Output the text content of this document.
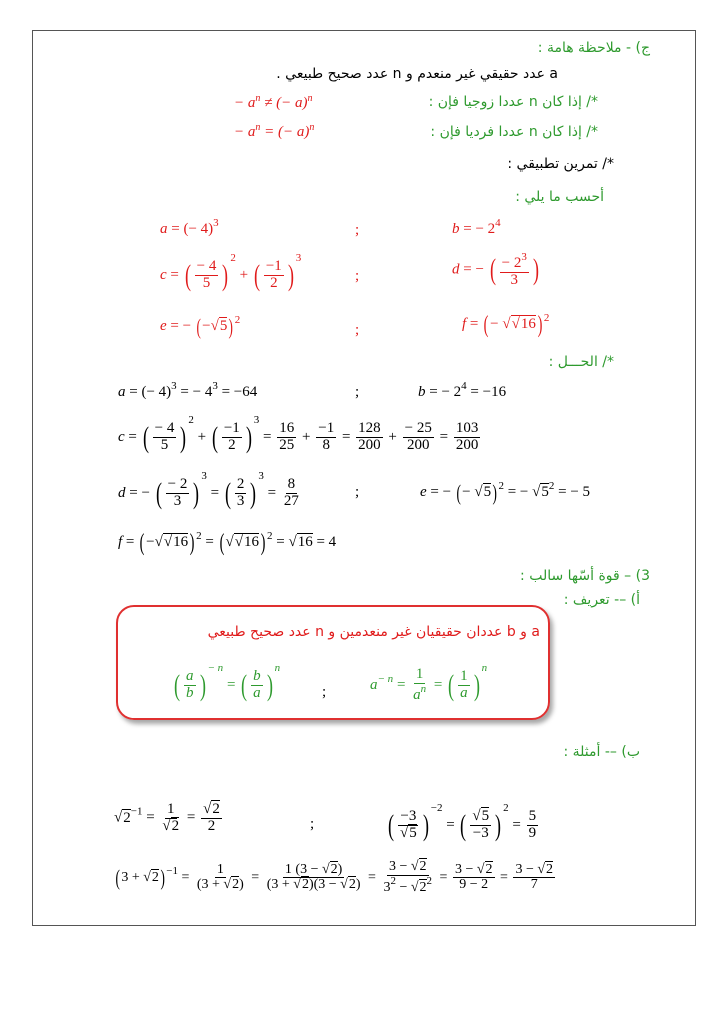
ج) - ملاحظة هامة :
a عدد حقيقي غير منعدم و n عدد صحيح طبيعي .
*/ إذا كان n عددا زوجيا فإن :
− $a^n$ ≠ (− a)$^n$
*/ إذا كان n عددا فرديا فإن :
− $a^n$ = (− a)$^n$
*/ تمرين تطبيقي :
أحسب ما يلي :
a = (− 4)$^3$	;	b = − $2^4$
c = ( $\frac{- 4}{5} )^2$ + ( $\frac{-1}{2} )^3$
;	d = − ( $\frac{- 2^3}{3}$ )
e = − $(-√5)^2$
;	f = ( − √√16) $^2$
*/ الحـــل :
a = (− 4)$^3$ = − $4^3 = -64$	;	b = − $2^4 = -16$
c = ( $\frac{- 4}{5} )^2$ + ( $\frac{-1}{2} )^3 = \frac{16}{25} + \frac{-1}{8} = \frac{128}{200} + \frac{- 25}{200} = \frac{103}{200}$
d = − ( $\frac{- 2}{3} )^3$ = ( $\frac{2}{3} )^3 = \frac{8}{27}$	;	e = − (− √5)$^2$ = − $√5^2$ = − 5
f = ( −√√16) $^2$ = ( √√16) $^2$ = √16 = 4
3) – قوة أسّها سالب :
أ) –- تعريف :
a و b عددان حقيقيان غير منعدمين و n عدد صحيح طبيعي
( $\frac{a}{b} )^{- n}$ = ( $\frac{b}{a} )^n$
;	$a^{- n} = \frac{1}{a^n}$ = ( $\frac{1}{a} )^n$
ب) –- أمثلة :
$√2^{-1} = \frac{1}{√2} = \frac{√2}{2}$	; ( $\frac{-3}{√5} )^{-2}$ = ( $\frac{√5}{-3} )^2 = \frac{5}{9}$
$(3 + √2)^{-1} = \frac{1}{(3 + √2)} = \frac{1 (3 - √2)}{(3 + √2)(3 - √2)} = \frac{3 - √2}{3^2 - √2^2} = \frac{3 - √2}{9 - 2} = \frac{3 - √2}{7}$
